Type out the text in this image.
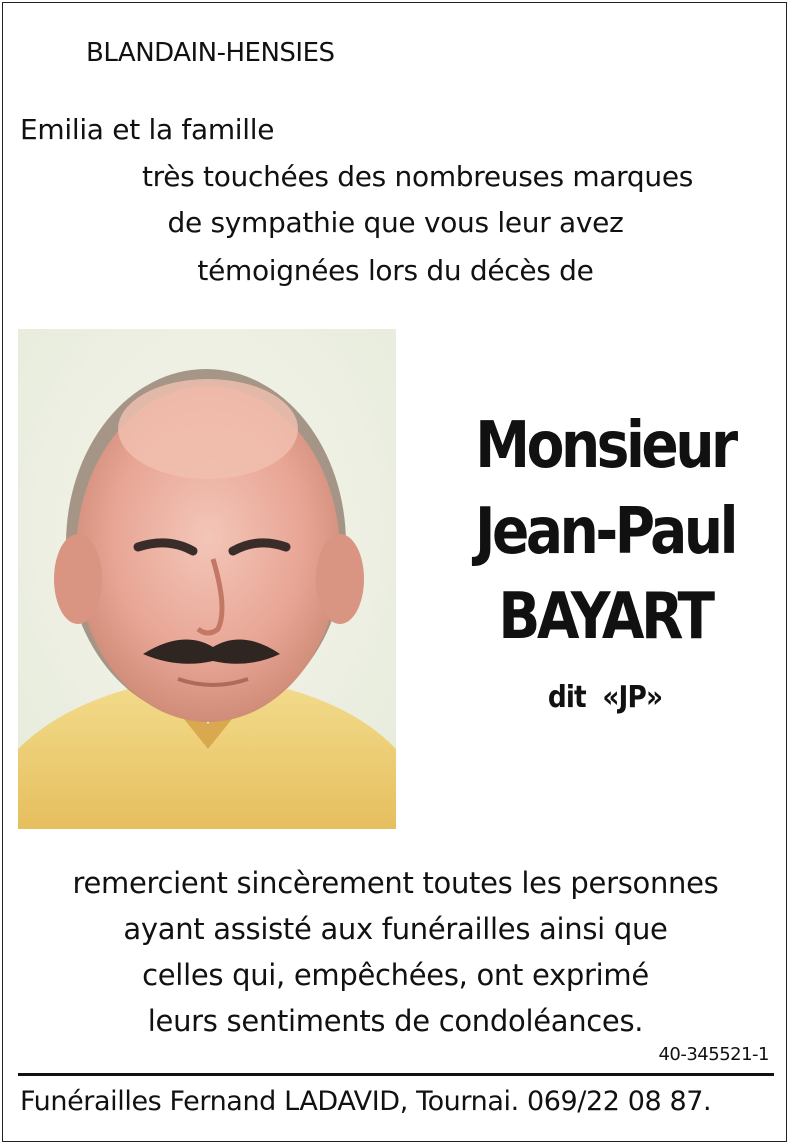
BLANDAIN-HENSIES
Emilia et la famille
très touchées des nombreuses marques
de sympathie que vous leur avez
témoignées lors du décès de
Monsieur
Jean-Paul
BAYART
dit «JP»
remercient sincèrement toutes les personnes
ayant assisté aux funérailles ainsi que
celles qui, empêchées, ont exprimé
leurs sentiments de condoléances.
40-345521-1
Funérailles Fernand LADAVID, Tournai. 069/22 08 87.
